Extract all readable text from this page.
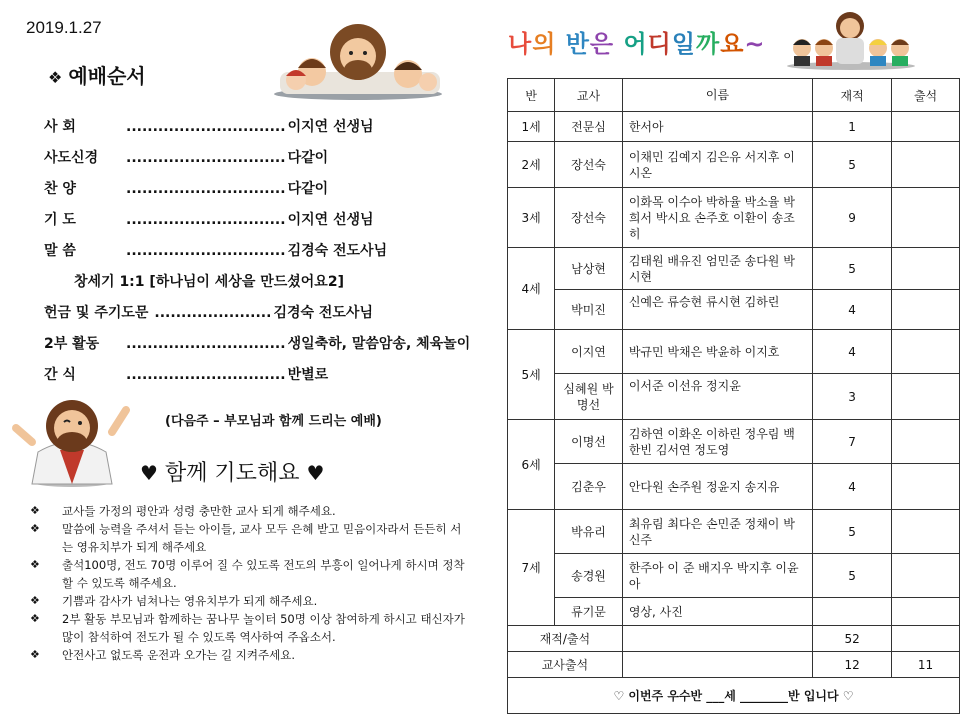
2019.1.27
❖ 예배순서
사 회	.............................. 이지연 선생님
사도신경 .............................. 다같이
찬 양	.............................. 다같이
기 도	.............................. 이지연 선생님
말 씀	.............................. 김경숙 전도사님
창세기 1:1 [하나님이 세상을 만드셨어요2]
헌금 및 주기도문 ...................... 김경숙 전도사님
2부 활동 .............................. 생일축하, 말씀암송, 체육놀이
간 식	.............................. 반별로
(다음주 – 부모님과 함께 드리는 예배)
♥ 함께 기도해요 ♥
❖ 교사들 가정의 평안과 성령 충만한 교사 되게 해주세요.
❖ 말씀에 능력을 주셔서 듣는 아이들, 교사 모두 은혜 받고 믿음이자라서 든든히 서는 영유치부가 되게 해주세요
❖ 출석100명, 전도 70명 이루어 질 수 있도록 전도의 부흥이 일어나게 하시며 정착할 수 있도록 해주세요.
❖ 기쁨과 감사가 넘쳐나는 영유치부가 되게 해주세요.
❖ 2부 활동 부모님과 함께하는 꿈나무 놀이터 50명 이상 참여하게 하시고 태신자가 많이 참석하여 전도가 될 수 있도록 역사하여 주옵소서.
❖ 안전사고 없도록 운전과 오가는 길 지켜주세요.
나의 반은 어디일까요~
반	교사	이름	재적	출석
1세	전문심	한서아	1	
2세	장선숙	이채민 김예지 김은유 서지후 이시온	5	
3세	장선숙	이화목 이수아 박하율 박소율 박희서 박시요 손주호 이환이 송조히	9	
4세	남상현	김태원 배유진 엄민준 송다원 박시현	5	
	박미진	신예은 류승현 류시현 김하린	4	
5세	이지연	박규민 박채은 박윤하 이지호	4	
	심혜원 박명선	이서준 이선유 정지윤	3	
6세	이명선	김하연 이화온 이하린 정우림 백한빈 김서연 정도영	7	
	김춘우	안다원 손주원 정윤지 송지유	4	
7세	박유리	최유림 최다은 손민준 정채이 박신주	5	
	송경원	한주아 이 준 배지우 박지후 이윤아	5	
	류기문	영상, 사진		
재적/출석			52	
교사출석			12	11
♡ 이번주 우수반 ___세 ________반 입니다 ♡				
